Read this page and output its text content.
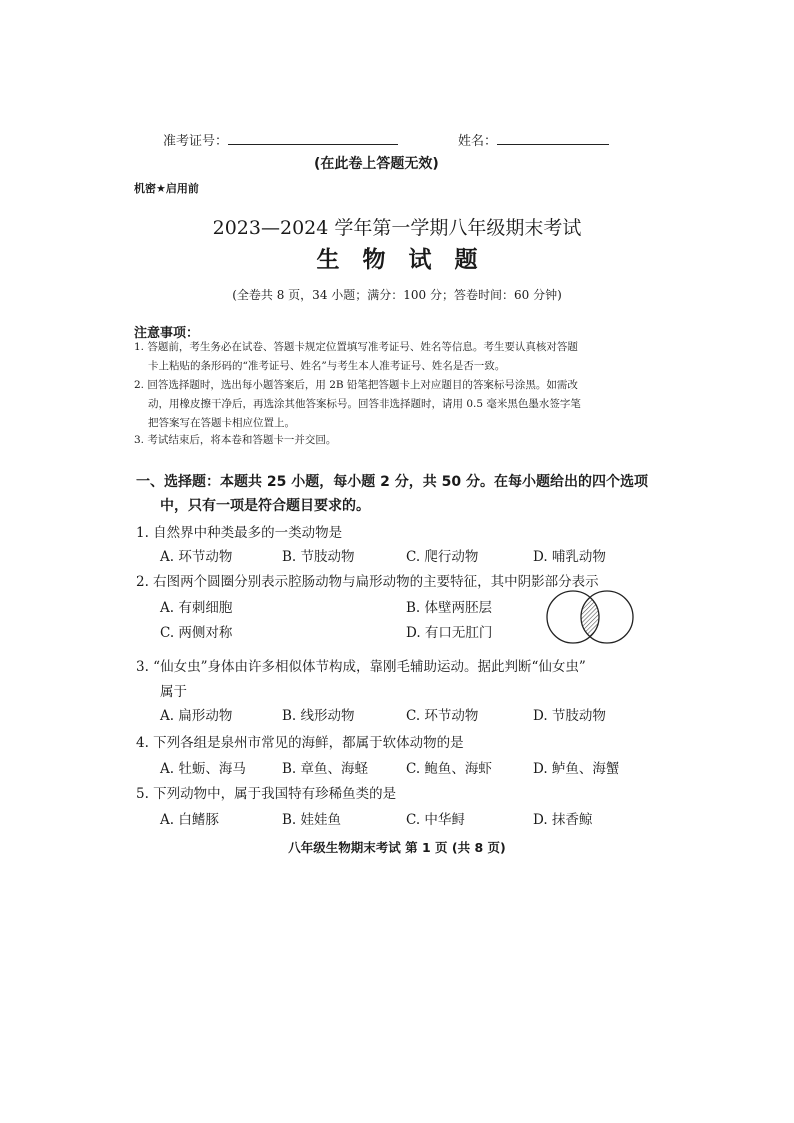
准考证号：	姓名：
(在此卷上答题无效)
机密★启用前
2023—2024 学年第一学期八年级期末考试
生　物　试　题
(全卷共 8 页，34 小题；满分：100 分；答卷时间：60 分钟)
注意事项：
1. 答题前，考生务必在试卷、答题卡规定位置填写准考证号、姓名等信息。考生要认真核对答题
卡上粘贴的条形码的“准考证号、姓名”与考生本人准考证号、姓名是否一致。
2. 回答选择题时，选出每小题答案后，用 2B 铅笔把答题卡上对应题目的答案标号涂黑。如需改
动，用橡皮擦干净后，再选涂其他答案标号。回答非选择题时，请用 0.5 毫米黑色墨水签字笔
把答案写在答题卡相应位置上。
3. 考试结束后，将本卷和答题卡一并交回。
一、选择题：本题共 25 小题，每小题 2 分，共 50 分。在每小题给出的四个选项
中，只有一项是符合题目要求的。
1. 自然界中种类最多的一类动物是
A. 环节动物	B. 节肢动物	C. 爬行动物	D. 哺乳动物
2. 右图两个圆圈分别表示腔肠动物与扁形动物的主要特征，其中阴影部分表示
A. 有刺细胞	B. 体壁两胚层
C. 两侧对称	D. 有口无肛门
3. “仙女虫”身体由许多相似体节构成，靠刚毛辅助运动。据此判断“仙女虫”
属于
A. 扁形动物	B. 线形动物	C. 环节动物	D. 节肢动物
4. 下列各组是泉州市常见的海鲜，都属于软体动物的是
A. 牡蛎、海马	B. 章鱼、海蛏	C. 鲍鱼、海虾	D. 鲈鱼、海蟹
5. 下列动物中，属于我国特有珍稀鱼类的是
A. 白鳍豚	B. 娃娃鱼	C. 中华鲟	D. 抹香鲸
八年级生物期末考试 第 1 页 (共 8 页)
